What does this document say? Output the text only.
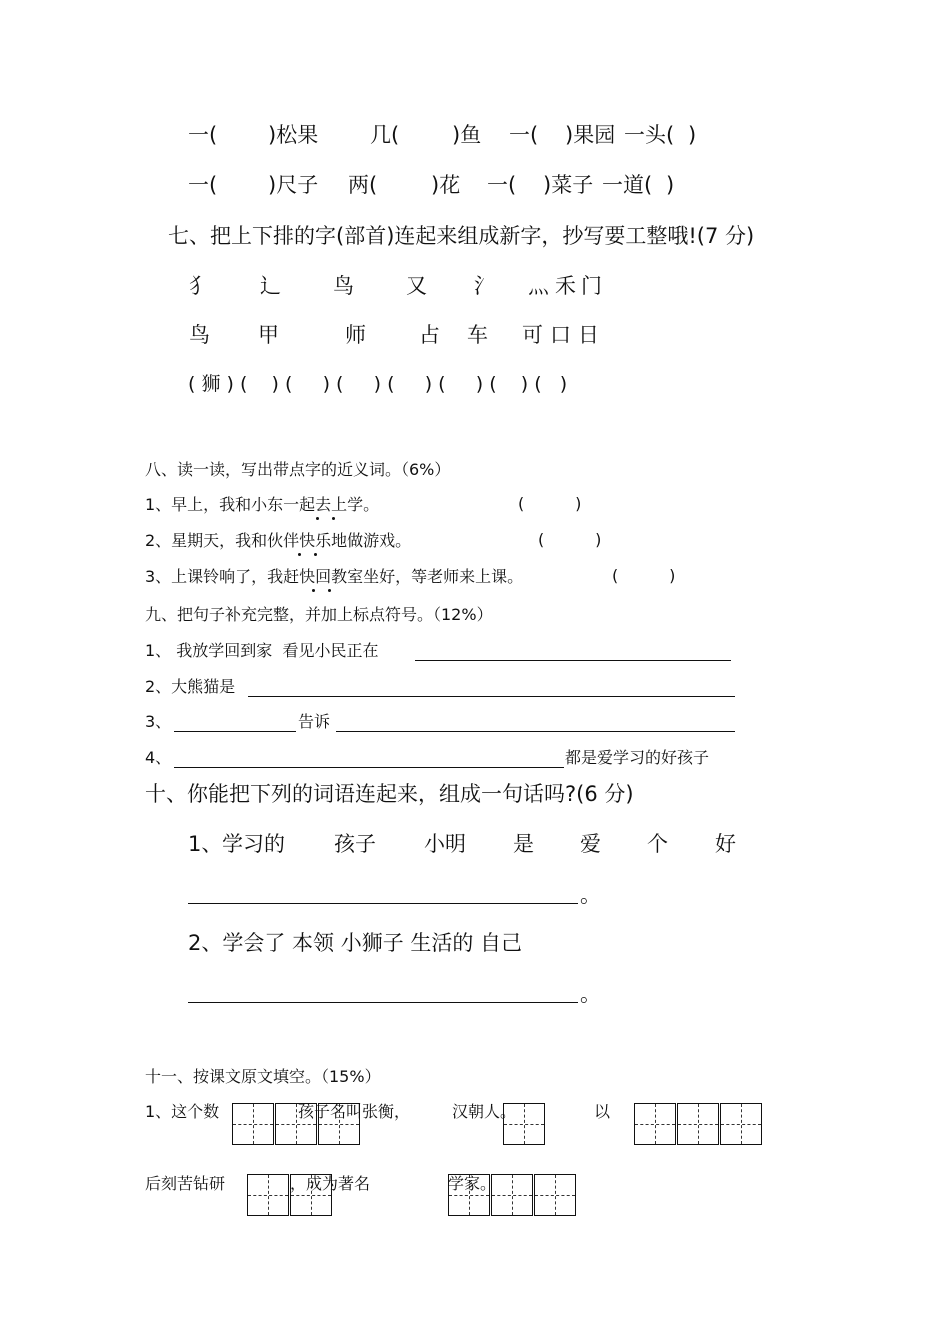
一( )松果 几(	)鱼 一( )果园 一头( )
一( )尺子 两(	)花 一( )菜子 一道( )
七、把上下排的字(部首)连起来组成新字，抄写要工整哦!(7 分)
犭 辶 鸟 又 氵 灬 禾 门
鸟 甲	师	占 车 可 口 日
( 狮 ) (    ) (     ) (     ) (     ) (     ) (    ) (   )
八、读一读，写出带点字的近义词。（6%）
1、早上，我和小东一起去上学。	(          )
2、星期天，我和伙伴快乐地做游戏。	(          )
3、上课铃响了，我赶快回教室坐好，等老师来上课。	(          )
九、把句子补充完整，并加上标点符号。（12%）
1、 我放学回到家  看见小民正在
2、大熊猫是
3、	告诉
4、	都是爱学习的好孩子
十、你能把下列的词语连起来，组成一句话吗?(6 分)
1、 学习的 孩子 小明 是 爱 个 好
。
2、学会了 本领 小狮子 生活的 自己
。
十一、按课文原文填空。（15%）
1、这个数	孩子名叫张衡，	汉朝人。	以
后刻苦钻研	，成为著名	学家。
